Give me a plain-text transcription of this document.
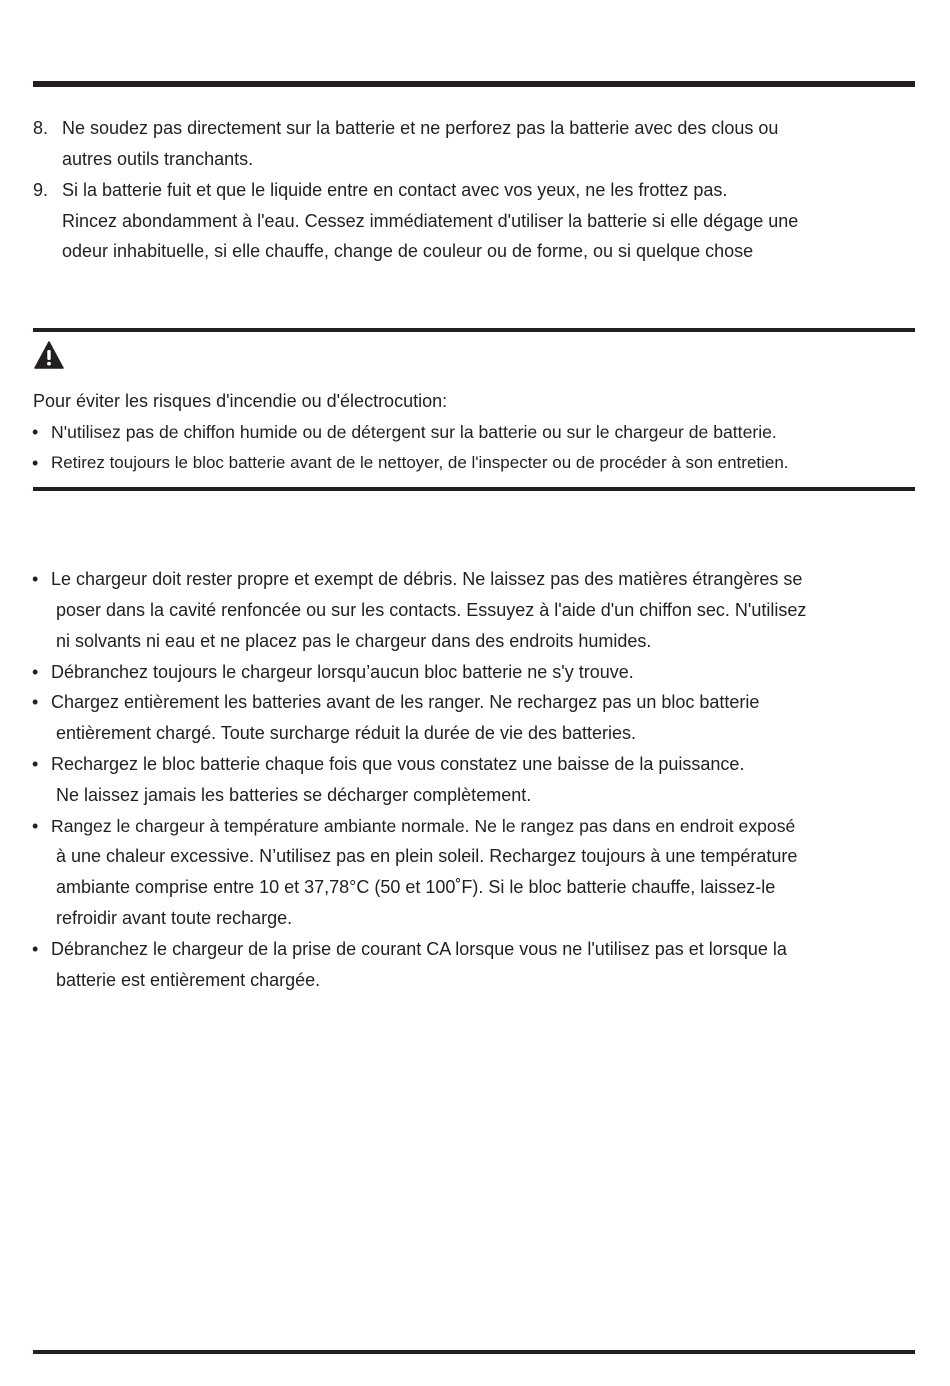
8. Ne soudez pas directement sur la batterie et ne perforez pas la batterie avec des clous ou
autres outils tranchants.
9. Si la batterie fuit et que le liquide entre en contact avec vos yeux, ne les frottez pas.
Rincez abondamment à l'eau. Cessez immédiatement d'utiliser la batterie si elle dégage une
odeur inhabituelle, si elle chauffe, change de couleur ou de forme, ou si quelque chose
Pour éviter les risques d'incendie ou d'électrocution:
• N'utilisez pas de chiffon humide ou de détergent sur la batterie ou sur le chargeur de batterie.
• Retirez toujours le bloc batterie avant de le nettoyer, de l'inspecter ou de procéder à son entretien.
• Le chargeur doit rester propre et exempt de débris. Ne laissez pas des matières étrangères se
poser dans la cavité renfoncée ou sur les contacts. Essuyez à l'aide d'un chiffon sec. N'utilisez
ni solvants ni eau et ne placez pas le chargeur dans des endroits humides.
• Débranchez toujours le chargeur lorsqu’aucun bloc batterie ne s'y trouve.
• Chargez entièrement les batteries avant de les ranger. Ne rechargez pas un bloc batterie
entièrement chargé. Toute surcharge réduit la durée de vie des batteries.
• Rechargez le bloc batterie chaque fois que vous constatez une baisse de la puissance.
Ne laissez jamais les batteries se décharger complètement.
• Rangez le chargeur à température ambiante normale. Ne le rangez pas dans en endroit exposé
à une chaleur excessive. N’utilisez pas en plein soleil. Rechargez toujours à une température
ambiante comprise entre 10 et 37,78°C (50 et 100˚F). Si le bloc batterie chauffe, laissez-le
refroidir avant toute recharge.
• Débranchez le chargeur de la prise de courant CA lorsque vous ne l'utilisez pas et lorsque la
batterie est entièrement chargée.
